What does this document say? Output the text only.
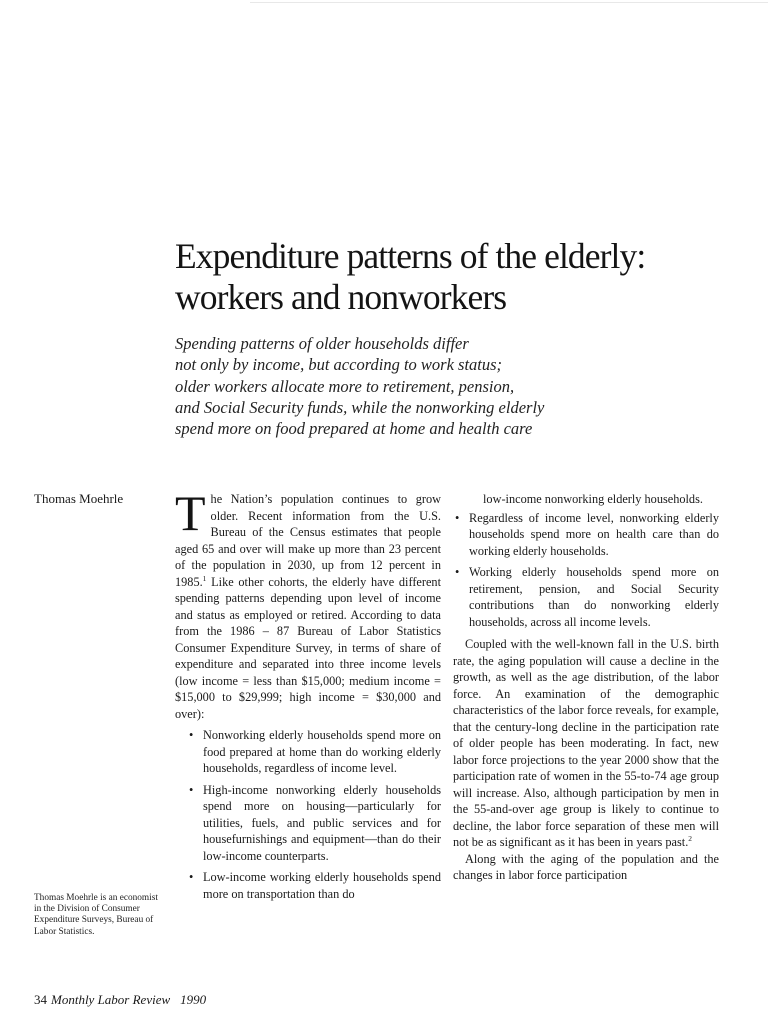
Expenditure patterns of the elderly:
workers and nonworkers

Spending patterns of older households differ
not only by income, but according to work status;
older workers allocate more to retirement, pension,
and Social Security funds, while the nonworking elderly
spend more on food prepared at home and health care

Thomas Moehrle

Thomas Moehrle is an economist in the Division of Consumer Expenditure Surveys, Bureau of Labor Statistics.

The Nation’s population continues to grow older. Recent information from the U.S. Bureau of the Census estimates that people aged 65 and over will make up more than 23 percent of the population in 2030, up from 12 percent in 1985.$^1$ Like other cohorts, the elderly have different spending patterns depending upon level of income and status as employed or retired. According to data from the 1986 – 87 Bureau of Labor Statistics Consumer Expenditure Survey, in terms of share of expenditure and separated into three income levels (low income = less than $15,000; medium income = $15,000 to $29,999; high income = $30,000 and over):

• Nonworking elderly households spend more on food prepared at home than do working elderly households, regardless of income level.
• High-income nonworking elderly households spend more on housing—particularly for utilities, fuels, and public services and for housefurnishings and equipment—than do their low-income counterparts.
• Low-income working elderly households spend more on transportation than do

low-income nonworking elderly households.

• Regardless of income level, nonworking elderly households spend more on health care than do working elderly households.
• Working elderly households spend more on retirement, pension, and Social Security contributions than do nonworking elderly households, across all income levels.

Coupled with the well-known fall in the U.S. birth rate, the aging population will cause a decline in the growth, as well as the age distribution, of the labor force. An examination of the demographic characteristics of the labor force reveals, for example, that the century-long decline in the participation rate of older people has been moderating. In fact, new labor force projections to the year 2000 show that the participation rate of women in the 55-to-74 age group will increase. Also, although participation by men in the 55-and-over age group is likely to continue to decline, the labor force separation of these men will not be as significant as it has been in years past.$^2$

Along with the aging of the population and the changes in labor force participation

34 Monthly Labor Review 1990
